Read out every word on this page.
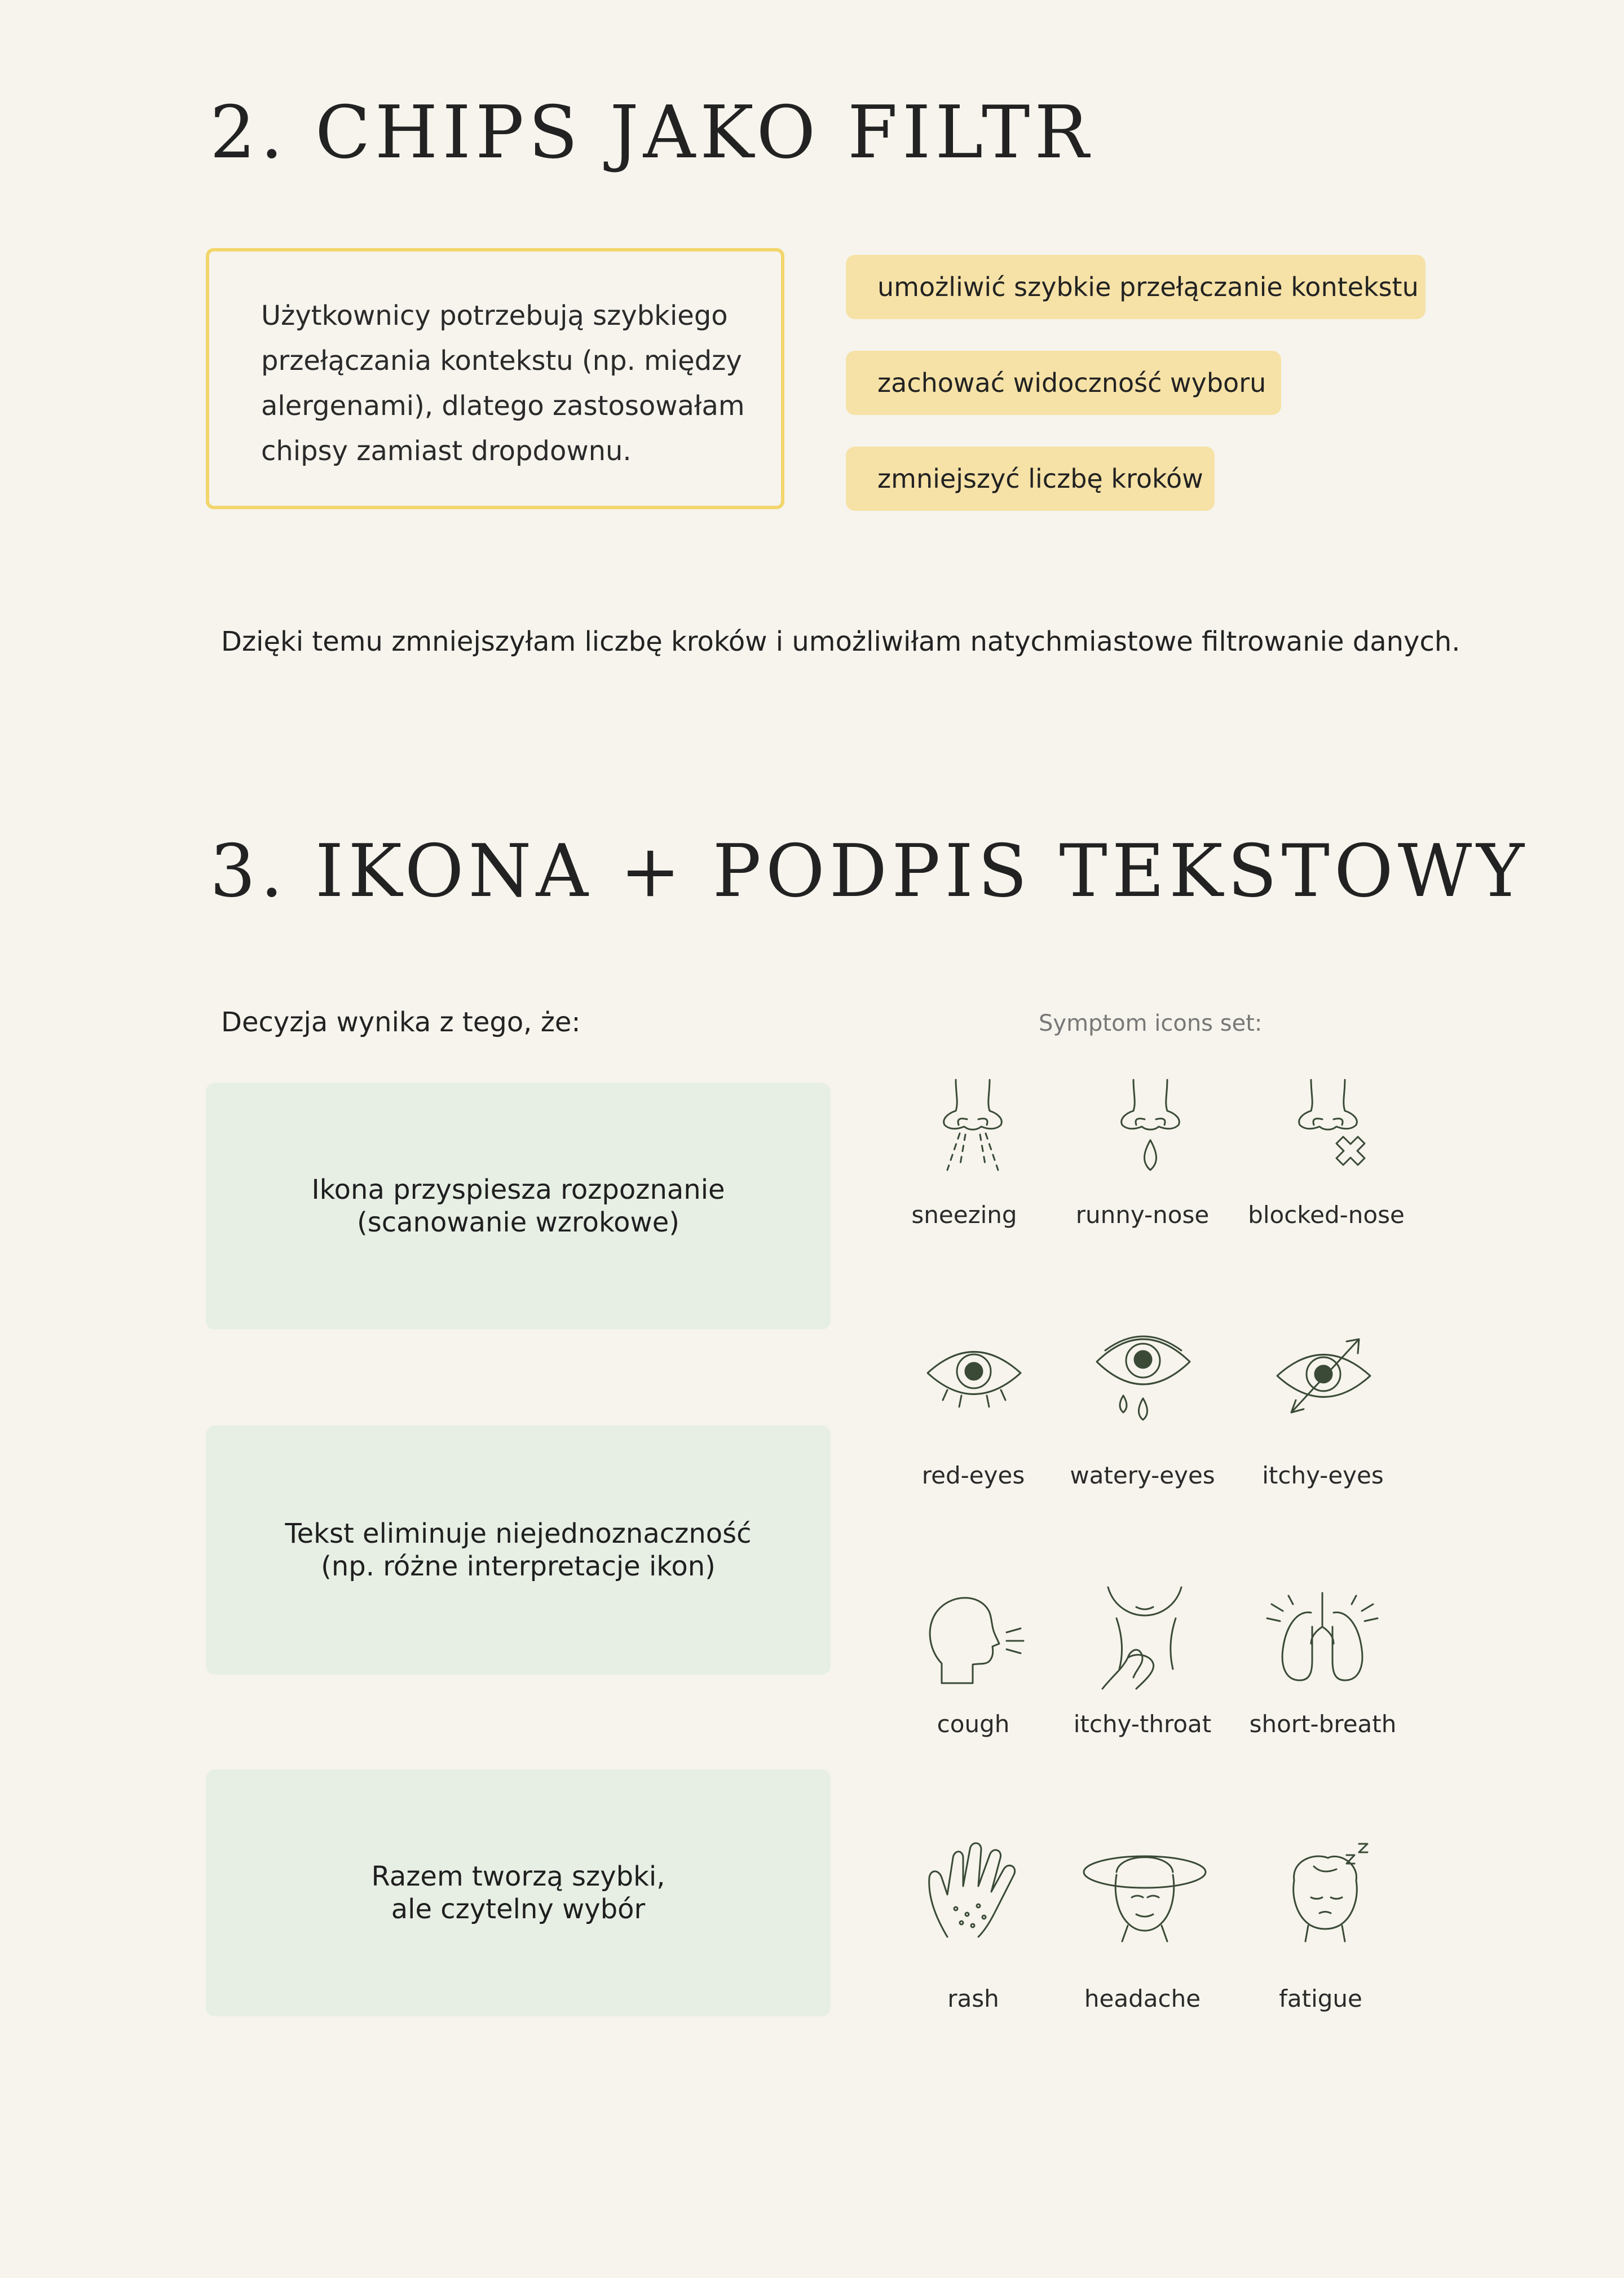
2. CHIPS JAKO FILTR
Użytkownicy potrzebują szybkiego przełączania kontekstu (np. między alergenami), dlatego zastosowałam chipsy zamiast dropdownu.
umożliwić szybkie przełączanie kontekstu
zachować widoczność wyboru
zmniejszyć liczbę kroków
Dzięki temu zmniejszyłam liczbę kroków i umożliwiłam natychmiastowe filtrowanie danych.
3. IKONA + PODPIS TEKSTOWY
Decyzja wynika z tego, że:
Ikona przyspiesza rozpoznanie
(scanowanie wzrokowe)
Tekst eliminuje niejednoznaczność
(np. różne interpretacje ikon)
Razem tworzą szybki,
ale czytelny wybór
Symptom icons set:
sneezing	runny-nose	blocked-nose
red-eyes	watery-eyes	itchy-eyes
cough	itchy-throat	short-breath
rash	headache	fatigue
